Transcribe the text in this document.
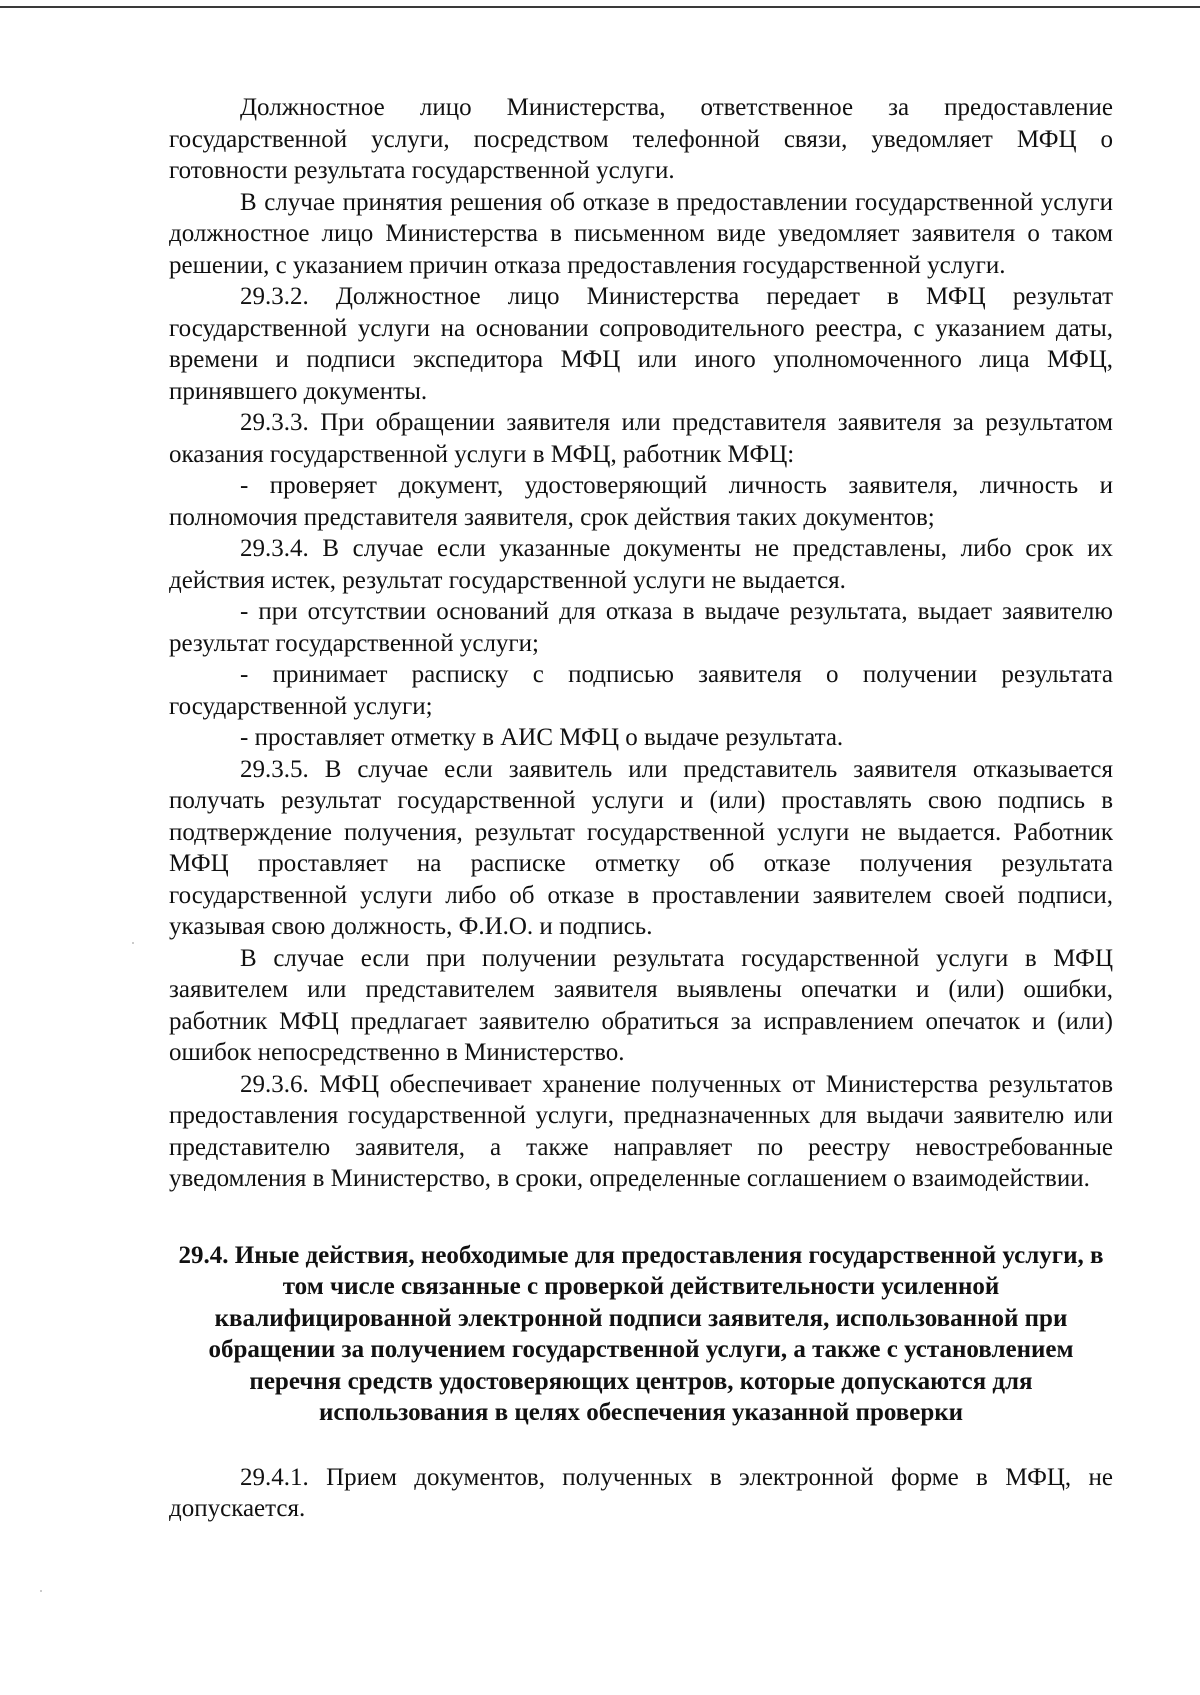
Должностное лицо Министерства, ответственное за предоставление государственной услуги, посредством телефонной связи, уведомляет МФЦ о готовности результата государственной услуги.

В случае принятия решения об отказе в предоставлении государственной услуги должностное лицо Министерства в письменном виде уведомляет заявителя о таком решении, с указанием причин отказа предоставления государственной услуги.

29.3.2. Должностное лицо Министерства передает в МФЦ результат государственной услуги на основании сопроводительного реестра, с указанием даты, времени и подписи экспедитора МФЦ или иного уполномоченного лица МФЦ, принявшего документы.

29.3.3. При обращении заявителя или представителя заявителя за результатом оказания государственной услуги в МФЦ, работник МФЦ:

- проверяет документ, удостоверяющий личность заявителя, личность и полномочия представителя заявителя, срок действия таких документов;

29.3.4. В случае если указанные документы не представлены, либо срок их действия истек, результат государственной услуги не выдается.

- при отсутствии оснований для отказа в выдаче результата, выдает заявителю результат государственной услуги;

- принимает расписку с подписью заявителя о получении результата государственной услуги;

- проставляет отметку в АИС МФЦ о выдаче результата.

29.3.5. В случае если заявитель или представитель заявителя отказывается получать результат государственной услуги и (или) проставлять свою подпись в подтверждение получения, результат государственной услуги не выдается. Работник МФЦ проставляет на расписке отметку об отказе получения результата государственной услуги либо об отказе в проставлении заявителем своей подписи, указывая свою должность, Ф.И.О. и подпись.

В случае если при получении результата государственной услуги в МФЦ заявителем или представителем заявителя выявлены опечатки и (или) ошибки, работник МФЦ предлагает заявителю обратиться за исправлением опечаток и (или) ошибок непосредственно в Министерство.

29.3.6. МФЦ обеспечивает хранение полученных от Министерства результатов предоставления государственной услуги, предназначенных для выдачи заявителю или представителю заявителя, а также направляет по реестру невостребованные уведомления в Министерство, в сроки, определенные соглашением о взаимодействии.

29.4. Иные действия, необходимые для предоставления государственной услуги, в том числе связанные с проверкой действительности усиленной квалифицированной электронной подписи заявителя, использованной при обращении за получением государственной услуги, а также с установлением перечня средств удостоверяющих центров, которые допускаются для использования в целях обеспечения указанной проверки

29.4.1. Прием документов, полученных в электронной форме в МФЦ, не допускается.
